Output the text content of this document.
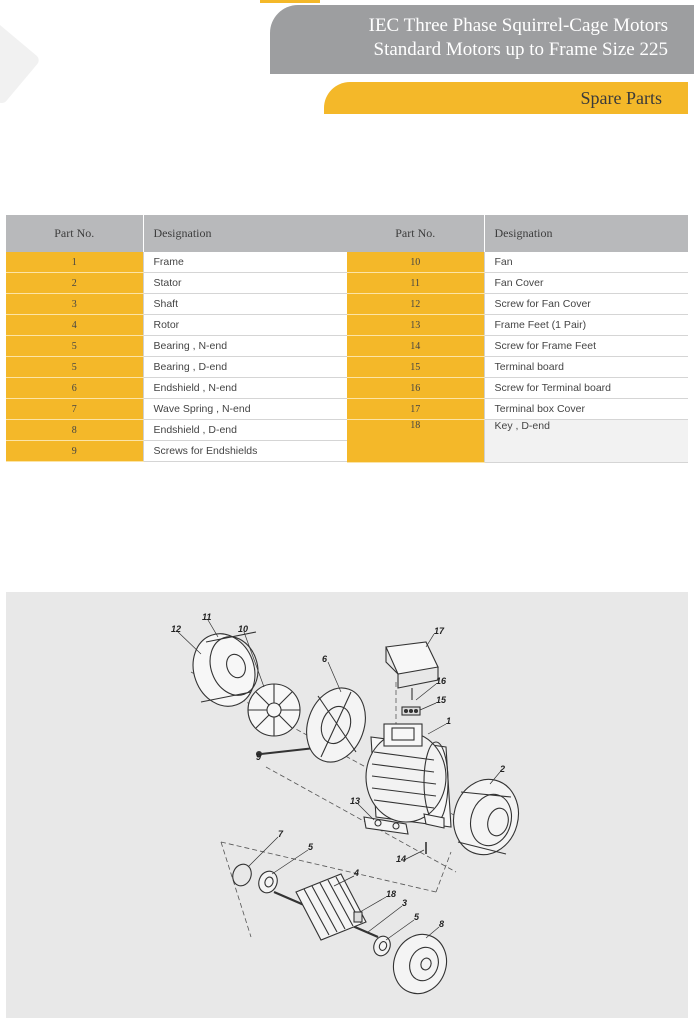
IEC Three Phase Squirrel-Cage Motors
Standard Motors up to Frame Size 225
Spare Parts
Part No.	Designation
1	Frame
2	Stator
3	Shaft
4	Rotor
5	Bearing , N-end
5	Bearing , D-end
6	Endshield , N-end
7	Wave Spring , N-end
8	Endshield , D-end
9	Screws for Endshields
Part No.	Designation
10	Fan
11	Fan Cover
12	Screw for Fan Cover
13	Frame Feet (1 Pair)
14	Screw for Frame Feet
15	Terminal board
16	Screw for Terminal board
17	Terminal box Cover
18	Key , D-end
12
11
10
6
9
17
16
15
1
2
13
14
7
5
4
18
3
5
8
